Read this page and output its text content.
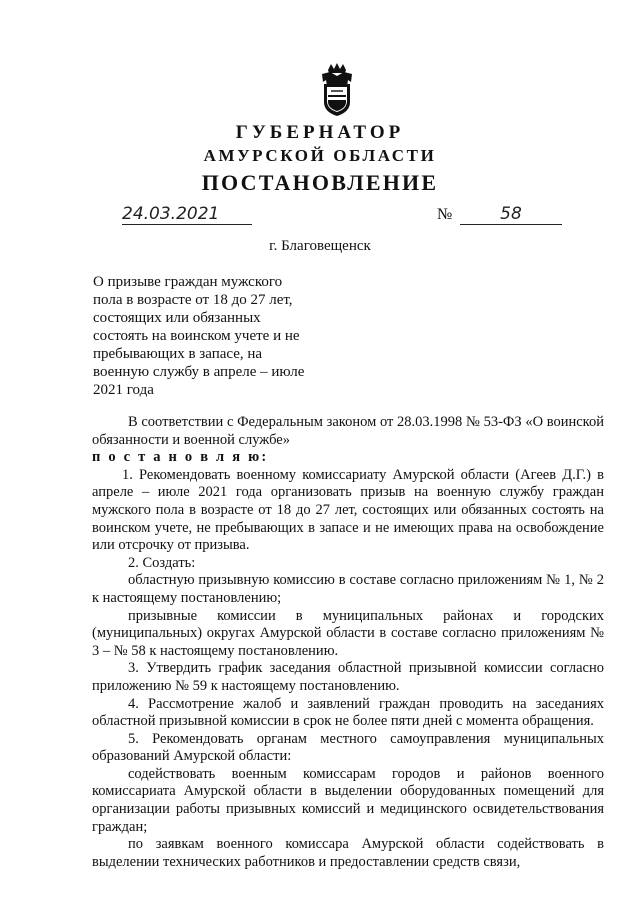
ГУБЕРНАТОР
АМУРСКОЙ ОБЛАСТИ
ПОСТАНОВЛЕНИЕ
24.03.2021	№	58
г. Благовещенск
О призыве граждан мужского
пола в возрасте от 18 до 27 лет,
состоящих или обязанных
состоять на воинском учете и не
пребывающих в запасе, на
военную службу в апреле – июле
2021 года

В соответствии с Федеральным законом от 28.03.1998 № 53-ФЗ «О воинской обязанности и военной службе»

п о с т а н о в л я ю:

1. Рекомендовать военному комиссариату Амурской области (Агеев Д.Г.) в апреле – июле 2021 года организовать призыв на военную службу граждан мужского пола в возрасте от 18 до 27 лет, состоящих или обязанных состоять на воинском учете, не пребывающих в запасе и не имеющих права на освобождение или отсрочку от призыва.

2. Создать:

областную призывную комиссию в составе согласно приложениям № 1, № 2 к настоящему постановлению;

призывные комиссии в муниципальных районах и городских (муниципальных) округах Амурской области в составе согласно приложениям № 3 – № 58 к настоящему постановлению.

3. Утвердить график заседания областной призывной комиссии согласно приложению № 59 к настоящему постановлению.

4. Рассмотрение жалоб и заявлений граждан проводить на заседаниях областной призывной комиссии в срок не более пяти дней с момента обращения.

5. Рекомендовать органам местного самоуправления муниципальных образований Амурской области:

содействовать военным комиссарам городов и районов военного комиссариата Амурской области в выделении оборудованных помещений для организации работы призывных комиссий и медицинского освидетельствования граждан;

по заявкам военного комиссара Амурской области содействовать в выделении технических работников и предоставлении средств связи,
